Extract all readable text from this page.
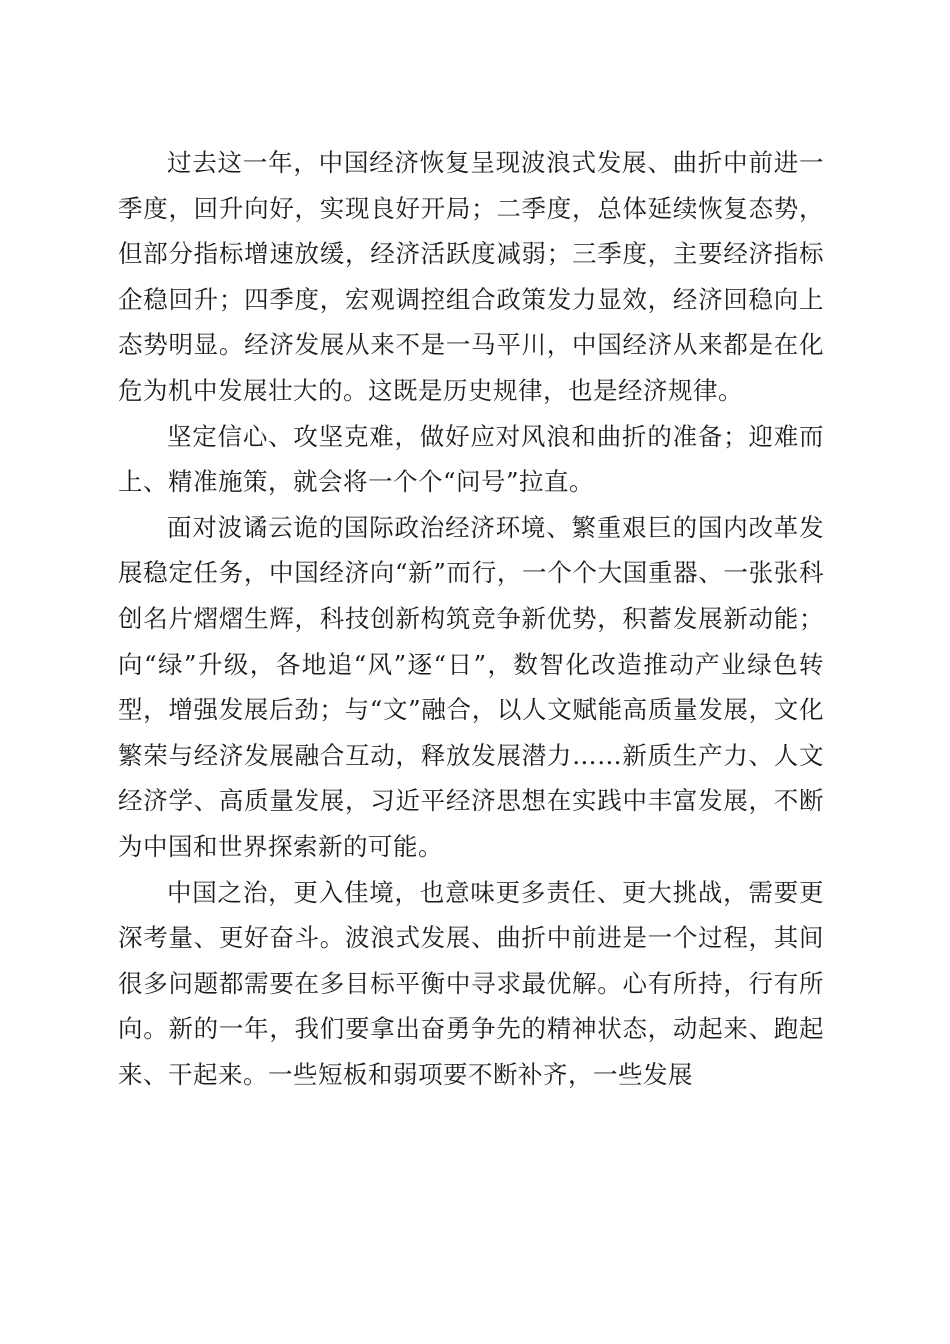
过去这一年，中国经济恢复呈现波浪式发展、曲折中前进一季度，回升向好，实现良好开局；二季度，总体延续恢复态势，但部分指标增速放缓，经济活跃度减弱；三季度，主要经济指标企稳回升；四季度，宏观调控组合政策发力显效，经济回稳向上态势明显。经济发展从来不是一马平川，中国经济从来都是在化危为机中发展壮大的。这既是历史规律，也是经济规律。

坚定信心、攻坚克难，做好应对风浪和曲折的准备；迎难而上、精准施策，就会将一个个“问号”拉直。

面对波谲云诡的国际政治经济环境、繁重艰巨的国内改革发展稳定任务，中国经济向“新”而行，一个个大国重器、一张张科创名片熠熠生辉，科技创新构筑竞争新优势，积蓄发展新动能；向“绿”升级，各地追“风”逐“日”，数智化改造推动产业绿色转型，增强发展后劲；与“文”融合，以人文赋能高质量发展，文化繁荣与经济发展融合互动，释放发展潜力……新质生产力、人文经济学、高质量发展，习近平经济思想在实践中丰富发展，不断为中国和世界探索新的可能。

中国之治，更入佳境，也意味更多责任、更大挑战，需要更深考量、更好奋斗。波浪式发展、曲折中前进是一个过程，其间很多问题都需要在多目标平衡中寻求最优解。心有所持，行有所向。新的一年，我们要拿出奋勇争先的精神状态，动起来、跑起来、干起来。一些短板和弱项要不断补齐，一些发展
